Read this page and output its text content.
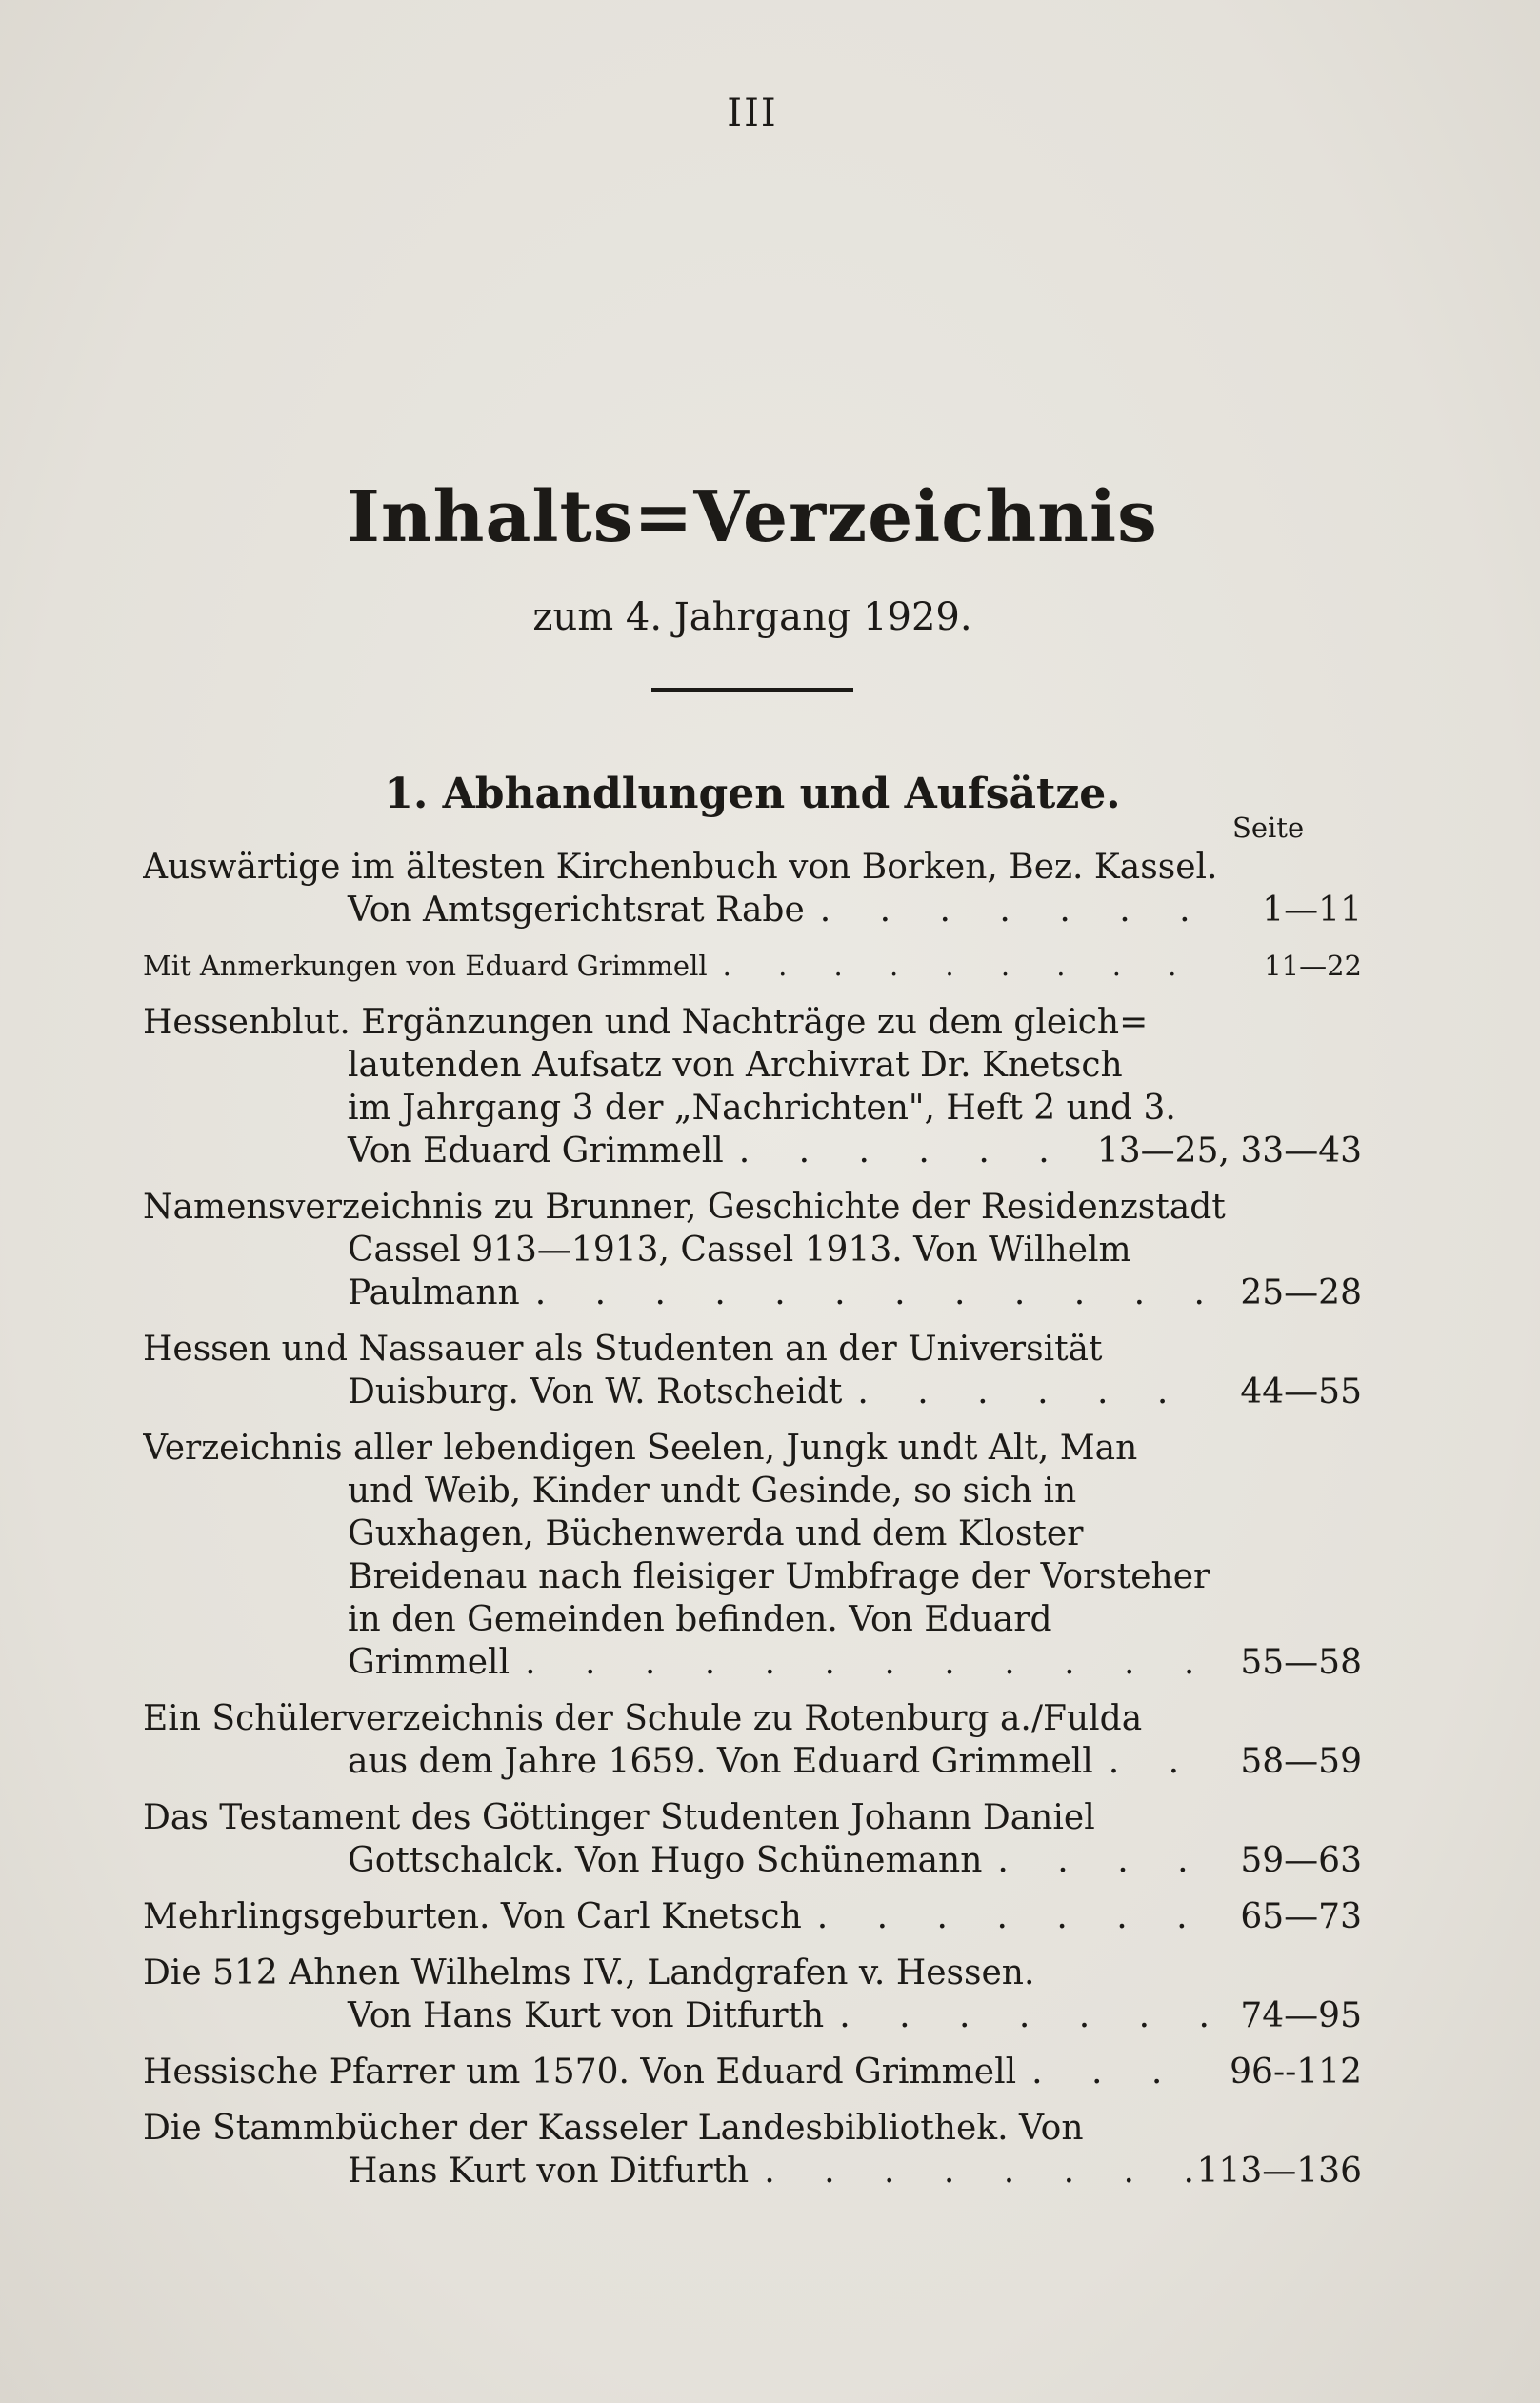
III
Inhalts=Verzeichnis
zum 4. Jahrgang 1929.
1. Abhandlungen und Aufsätze.
Seite
Auswärtige im ältesten Kirchenbuch von Borken, Bez. Kassel.
Von Amtsgerichtsrat Rabe . . .	1—11
Mit Anmerkungen von Eduard Grimmell . . .	11—22
Hessenblut. Ergänzungen und Nachträge zu dem gleich=
lautenden Aufsatz von Archivrat Dr. Knetsch
im Jahrgang 3 der „Nachrichten", Heft 2 und 3.
Von Eduard Grimmell . . .	13—25, 33—43
Namensverzeichnis zu Brunner, Geschichte der Residenzstadt
Cassel 913—1913, Cassel 1913. Von Wilhelm
Paulmann . . .	25—28
Hessen und Nassauer als Studenten an der Universität
Duisburg. Von W. Rotscheidt . . .	44—55
Verzeichnis aller lebendigen Seelen, Jungk undt Alt, Man
und Weib, Kinder undt Gesinde, so sich in
Guxhagen, Büchenwerda und dem Kloster
Breidenau nach fleisiger Umbfrage der Vorsteher
in den Gemeinden befinden. Von Eduard
Grimmell . . .	55—58
Ein Schülerverzeichnis der Schule zu Rotenburg a./Fulda
aus dem Jahre 1659. Von Eduard Grimmell . . .	58—59
Das Testament des Göttinger Studenten Johann Daniel
Gottschalck. Von Hugo Schünemann . . .	59—63
Mehrlingsgeburten. Von Carl Knetsch . . .	65—73
Die 512 Ahnen Wilhelms IV., Landgrafen v. Hessen.
Von Hans Kurt von Ditfurth . . .	74—95
Hessische Pfarrer um 1570. Von Eduard Grimmell . . .	96--112
Die Stammbücher der Kasseler Landesbibliothek. Von
Hans Kurt von Ditfurth . . .	113—136
